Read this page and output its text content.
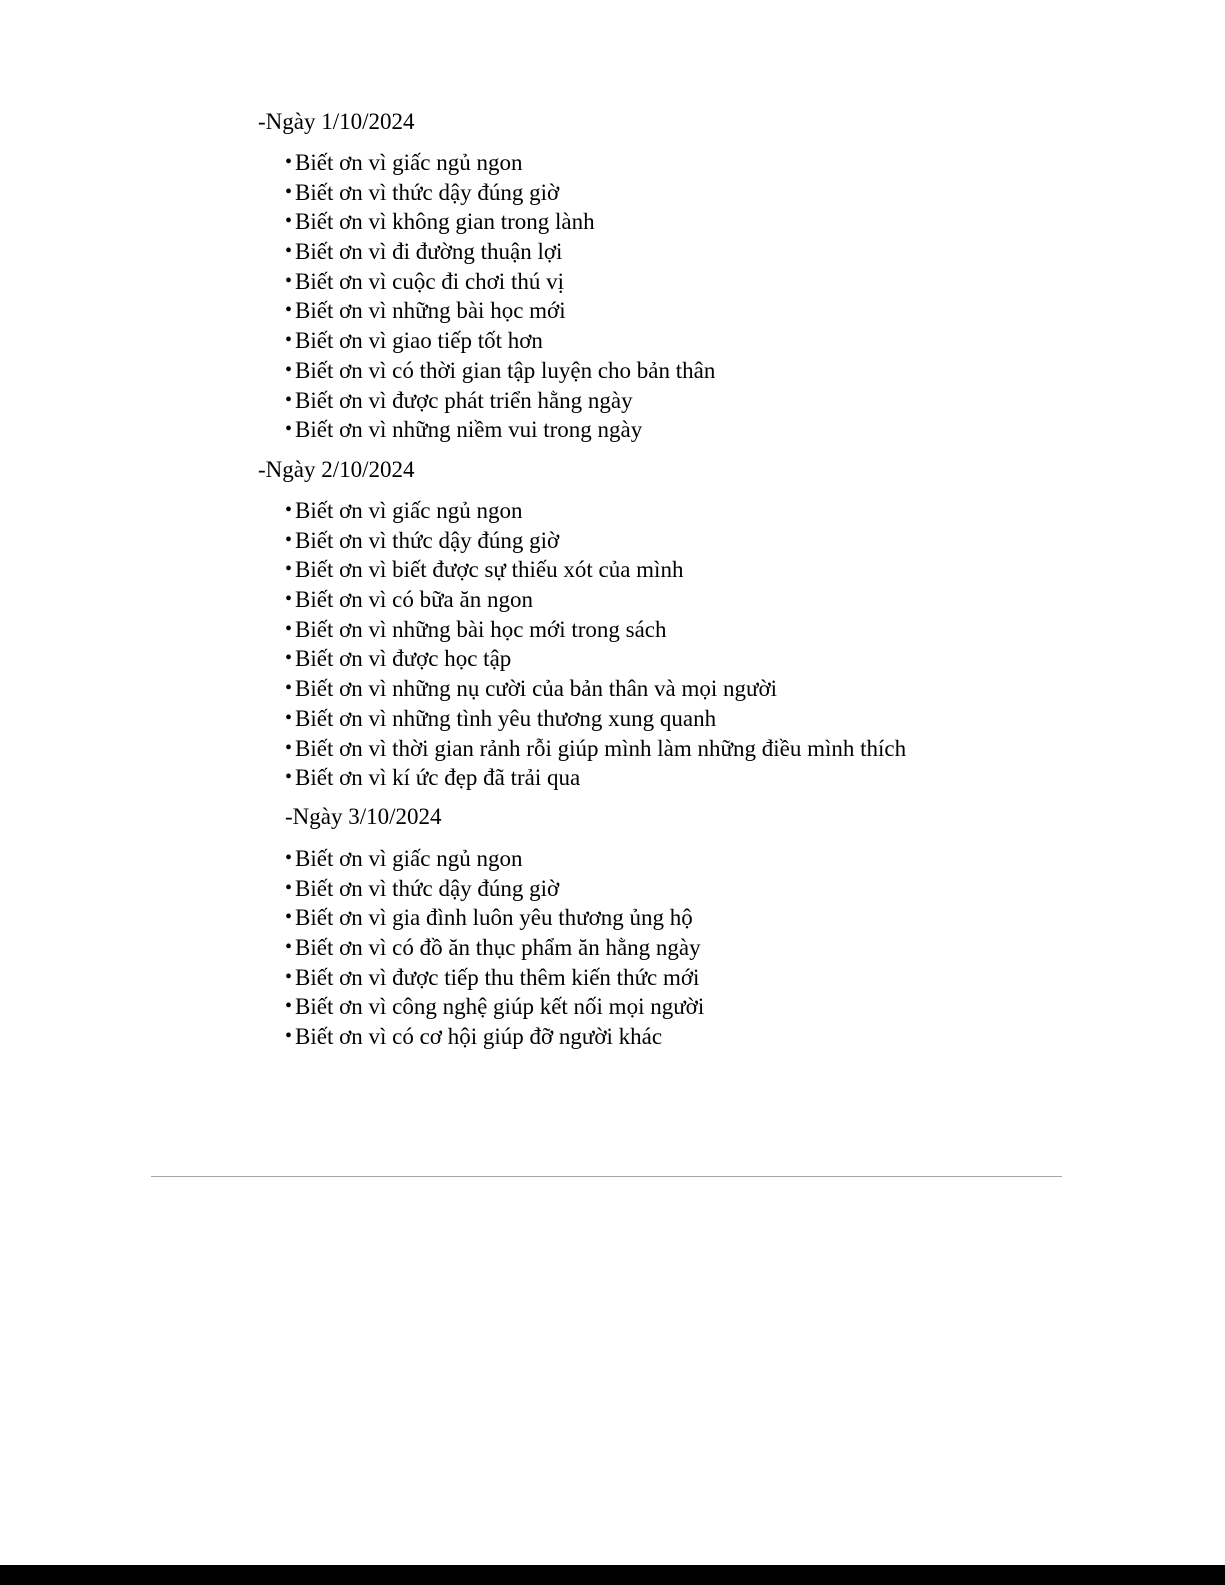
-Ngày 1/10/2024
• Biết ơn vì giấc ngủ ngon
• Biết ơn vì thức dậy đúng giờ
• Biết ơn vì không gian trong lành
• Biết ơn vì đi đường thuận lợi
• Biết ơn vì cuộc đi chơi thú vị
• Biết ơn vì những bài học mới
• Biết ơn vì giao tiếp tốt hơn
• Biết ơn vì có thời gian tập luyện cho bản thân
• Biết ơn vì được phát triển hằng ngày
• Biết ơn vì những niềm vui trong ngày
-Ngày 2/10/2024
• Biết ơn vì giấc ngủ ngon
• Biết ơn vì thức dậy đúng giờ
• Biết ơn vì biết được sự thiếu xót của mình
• Biết ơn vì có bữa ăn ngon
• Biết ơn vì những bài học mới trong sách
• Biết ơn vì được học tập
• Biết ơn vì những nụ cười của bản thân và mọi người
• Biết ơn vì những tình yêu thương xung quanh
• Biết ơn vì thời gian rảnh rỗi giúp mình làm những điều mình thích
• Biết ơn vì kí ức đẹp đã trải qua
-Ngày 3/10/2024
• Biết ơn vì giấc ngủ ngon
• Biết ơn vì thức dậy đúng giờ
• Biết ơn vì gia đình luôn yêu thương ủng hộ
• Biết ơn vì có đồ ăn thục phẩm ăn hằng ngày
• Biết ơn vì được tiếp thu thêm kiến thức mới
• Biết ơn vì công nghệ giúp kết nối mọi người
• Biết ơn vì có cơ hội giúp đỡ người khác
